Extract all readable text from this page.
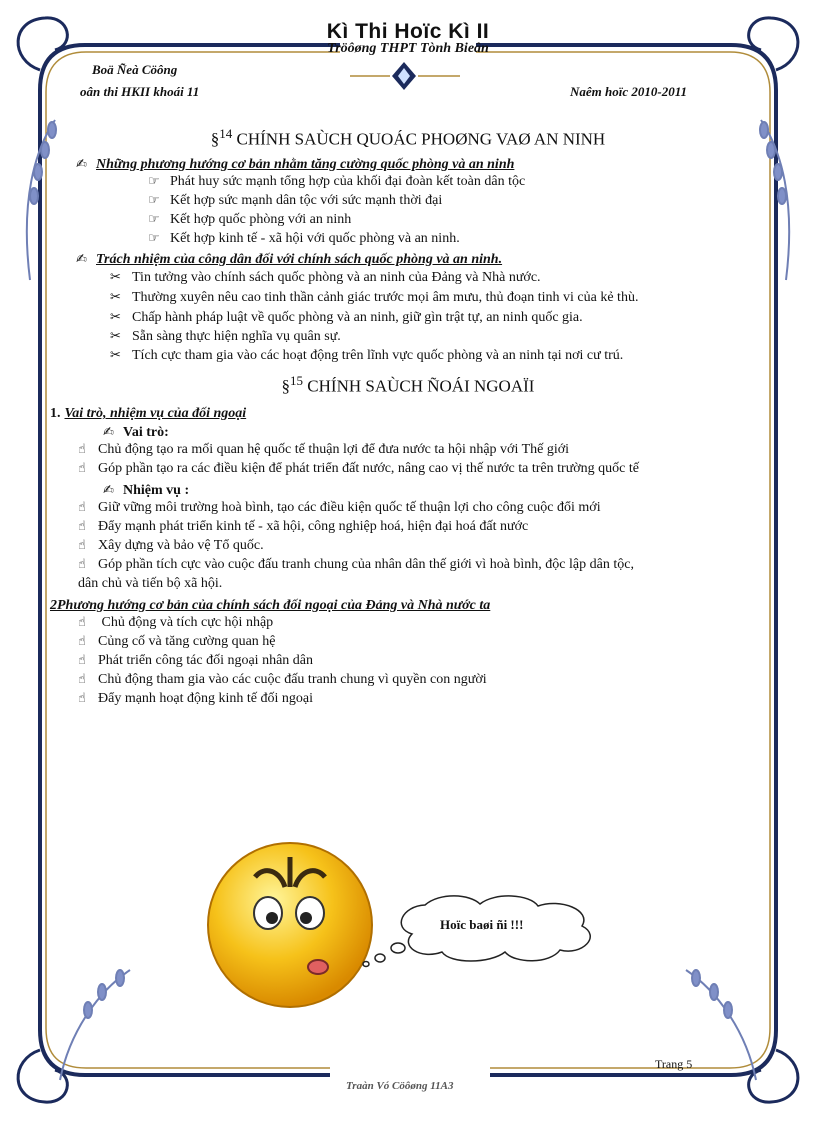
Kì Thi Hoïc Kì II
Tröôøng THPT Tònh Bieân
Boä Ñeà Cöông
oân thi HKII khoái 11	Naêm hoïc 2010-2011
§$^{14}$ CHÍNH SAÙCH QUOÁC PHOØNG VAØ AN NINH
✍ Những phương hướng cơ bản nhằm tăng cường quốc phòng và an ninh
☞ Phát huy sức mạnh tổng hợp của khối đại đoàn kết toàn dân tộc
☞ Kết hợp sức mạnh dân tộc với sức mạnh thời đại
☞ Kết hợp quốc phòng với an ninh
☞ Kết hợp kinh tế - xã hội với quốc phòng và an ninh.
✍ Trách nhiệm của công dân đối với chính sách quốc phòng và an ninh.
✂ Tin tưởng vào chính sách quốc phòng và an ninh của Đảng và Nhà nước.
✂ Thường xuyên nêu cao tinh thần cảnh giác trước mọi âm mưu, thủ đoạn tinh vi của kẻ thù.
✂ Chấp hành pháp luật về quốc phòng và an ninh, giữ gìn trật tự, an ninh quốc gia.
✂ Sẵn sàng thực hiện nghĩa vụ quân sự.
✂ Tích cực tham gia vào các hoạt động trên lĩnh vực quốc phòng và an ninh tại nơi cư trú.
§$^{15}$ CHÍNH SAÙCH ÑOÁI NGOAÏI
1. Vai trò, nhiệm vụ của đối ngoại
✍ Vai trò:
☝ Chủ động tạo ra mối quan hệ quốc tế thuận lợi để đưa nước ta hội nhập với Thế giới
☝ Góp phần tạo ra các điều kiện để phát triển đất nước, nâng cao vị thế nước ta trên trường quốc tế
✍ Nhiệm vụ :
☝ Giữ vững môi trường hoà bình, tạo các điều kiện quốc tế thuận lợi cho công cuộc đổi mới
☝ Đẩy mạnh phát triển kinh tế - xã hội, công nghiệp hoá, hiện đại hoá đất nước
☝ Xây dựng và bảo vệ Tổ quốc.
☝ Góp phần tích cực vào cuộc đấu tranh chung của nhân dân thế giới vì hoà bình, độc lập dân tộc,
dân chủ và tiến bộ xã hội.
2Phương hướng cơ bản của chính sách đối ngoại của Đảng và Nhà nước ta
☝ Chủ động và tích cực hội nhập
☝ Củng cố và tăng cường quan hệ
☝ Phát triển công tác đối ngoại nhân dân
☝ Chủ động tham gia vào các cuộc đấu tranh chung vì quyền con người
☝ Đẩy mạnh hoạt động kinh tế đối ngoại
Hoïc baøi ñi !!!
Trang 5
Traàn Vó Cöôøng 11A3
